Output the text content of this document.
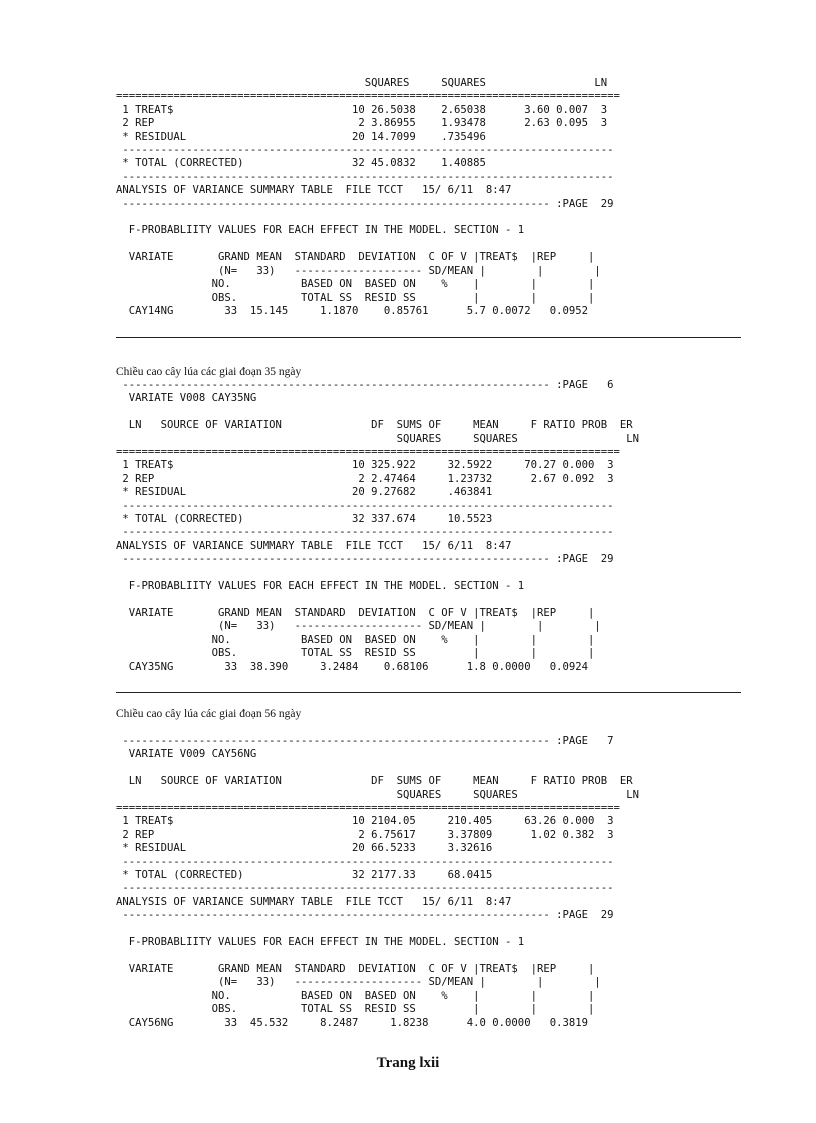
SQUARES     SQUARES                 LN
===============================================================================
1 TREAT$                            10 26.5038    2.65038      3.60 0.007  3
2 REP                                2 3.86955    1.93478      2.63 0.095  3
* RESIDUAL                          20 14.7099    .735496
-----------------------------------------------------------------------------
* TOTAL (CORRECTED)                 32 45.0832    1.40885
-----------------------------------------------------------------------------
ANALYSIS OF VARIANCE SUMMARY TABLE  FILE TCCT   15/ 6/11  8:47
------------------------------------------------------------------- :PAGE  29

F-PROBABLIITY VALUES FOR EACH EFFECT IN THE MODEL. SECTION - 1

VARIATE       GRAND MEAN  STANDARD  DEVIATION  C OF V |TREAT$  |REP     |
(N=   33)   -------------------- SD/MEAN |        |        |
NO.           BASED ON  BASED ON    %    |        |        |
OBS.          TOTAL SS  RESID SS         |        |        |
CAY14NG        33  15.145     1.1870    0.85761      5.7 0.0072   0.0952

Chiều cao cây lúa các giai đoạn 35 ngày
------------------------------------------------------------------- :PAGE   6
VARIATE V008 CAY35NG

LN   SOURCE OF VARIATION              DF  SUMS OF     MEAN     F RATIO PROB  ER
SQUARES     SQUARES                 LN
===============================================================================
1 TREAT$                            10 325.922     32.5922     70.27 0.000  3
2 REP                                2 2.47464     1.23732      2.67 0.092  3
* RESIDUAL                          20 9.27682     .463841
-----------------------------------------------------------------------------
* TOTAL (CORRECTED)                 32 337.674     10.5523
-----------------------------------------------------------------------------
ANALYSIS OF VARIANCE SUMMARY TABLE  FILE TCCT   15/ 6/11  8:47
------------------------------------------------------------------- :PAGE  29

F-PROBABLIITY VALUES FOR EACH EFFECT IN THE MODEL. SECTION - 1

VARIATE       GRAND MEAN  STANDARD  DEVIATION  C OF V |TREAT$  |REP     |
(N=   33)   -------------------- SD/MEAN |        |        |
NO.           BASED ON  BASED ON    %    |        |        |
OBS.          TOTAL SS  RESID SS         |        |        |
CAY35NG        33  38.390     3.2484    0.68106      1.8 0.0000   0.0924

Chiều cao cây lúa các giai đoạn 56 ngày
------------------------------------------------------------------- :PAGE   7
VARIATE V009 CAY56NG

LN   SOURCE OF VARIATION              DF  SUMS OF     MEAN     F RATIO PROB  ER
SQUARES     SQUARES                 LN
===============================================================================
1 TREAT$                            10 2104.05     210.405     63.26 0.000  3
2 REP                                2 6.75617     3.37809      1.02 0.382  3
* RESIDUAL                          20 66.5233     3.32616
-----------------------------------------------------------------------------
* TOTAL (CORRECTED)                 32 2177.33     68.0415
-----------------------------------------------------------------------------
ANALYSIS OF VARIANCE SUMMARY TABLE  FILE TCCT   15/ 6/11  8:47
------------------------------------------------------------------- :PAGE  29

F-PROBABLIITY VALUES FOR EACH EFFECT IN THE MODEL. SECTION - 1

VARIATE       GRAND MEAN  STANDARD  DEVIATION  C OF V |TREAT$  |REP     |
(N=   33)   -------------------- SD/MEAN |        |        |
NO.           BASED ON  BASED ON    %    |        |        |
OBS.          TOTAL SS  RESID SS         |        |        |
CAY56NG        33  45.532     8.2487     1.8238      4.0 0.0000   0.3819

Trang lxii
